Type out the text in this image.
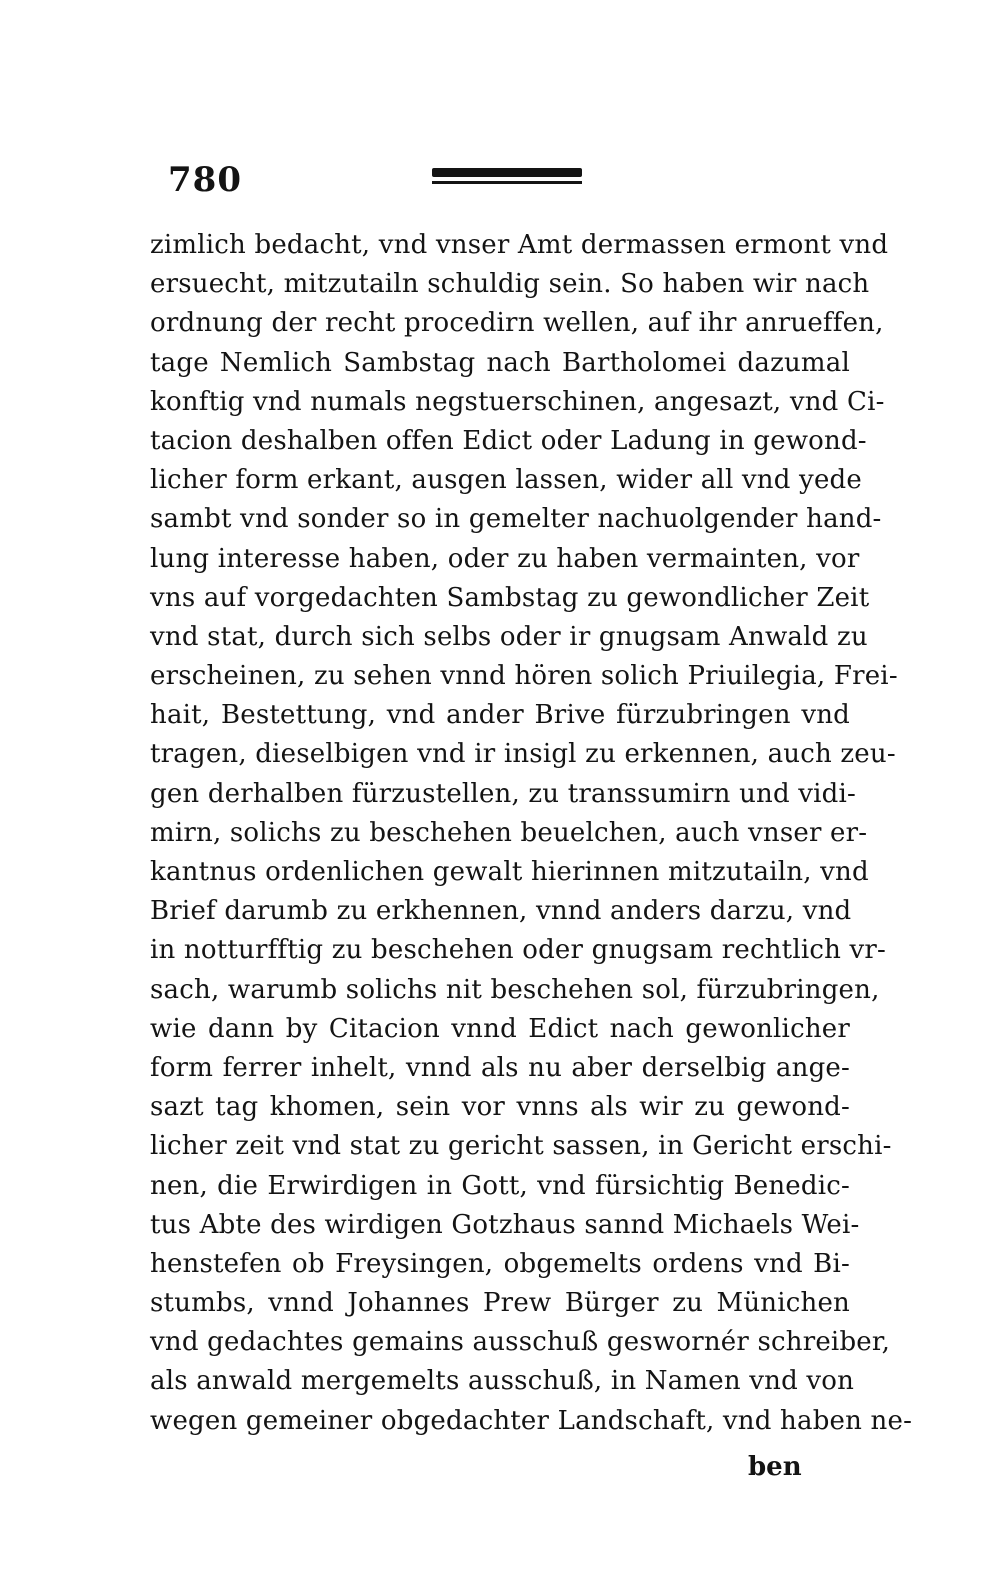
780
zimlich bedacht, vnd vnser Amt dermassen ermont vnd
ersuecht, mitzutailn schuldig sein. So haben wir nach
ordnung der recht procedirn wellen, auf ihr anrueffen,
tage Nemlich Sambstag nach Bartholomei dazumal
konftig vnd numals negstuerschinen, angesazt, vnd Ci-
tacion deshalben offen Edict oder Ladung in gewond-
licher form erkant, ausgen lassen, wider all vnd yede
sambt vnd sonder so in gemelter nachuolgender hand-
lung interesse haben, oder zu haben vermainten, vor
vns auf vorgedachten Sambstag zu gewondlicher Zeit
vnd stat, durch sich selbs oder ir gnugsam Anwald zu
erscheinen, zu sehen vnnd hören solich Priuilegia, Frei-
hait, Bestettung, vnd ander Brive fürzubringen vnd
tragen, dieselbigen vnd ir insigl zu erkennen, auch zeu-
gen derhalben fürzustellen, zu transsumirn und vidi-
mirn, solichs zu beschehen beuelchen, auch vnser er-
kantnus ordenlichen gewalt hierinnen mitzutailn, vnd
Brief darumb zu erkhennen, vnnd anders darzu, vnd
in notturfftig zu beschehen oder gnugsam rechtlich vr-
sach, warumb solichs nit beschehen sol, fürzubringen,
wie dann by Citacion vnnd Edict nach gewonlicher
form ferrer inhelt, vnnd als nu aber derselbig ange-
sazt tag khomen, sein vor vnns als wir zu gewond-
licher zeit vnd stat zu gericht sassen, in Gericht erschi-
nen, die Erwirdigen in Gott, vnd fürsichtig Benedic-
tus Abte des wirdigen Gotzhaus sannd Michaels Wei-
henstefen ob Freysingen, obgemelts ordens vnd Bi-
stumbs, vnnd Johannes Prew Bürger zu Münichen
vnd gedachtes gemains ausschuß geswornér schreiber,
als anwald mergemelts ausschuß, in Namen vnd von
wegen gemeiner obgedachter Landschaft, vnd haben ne-
ben
